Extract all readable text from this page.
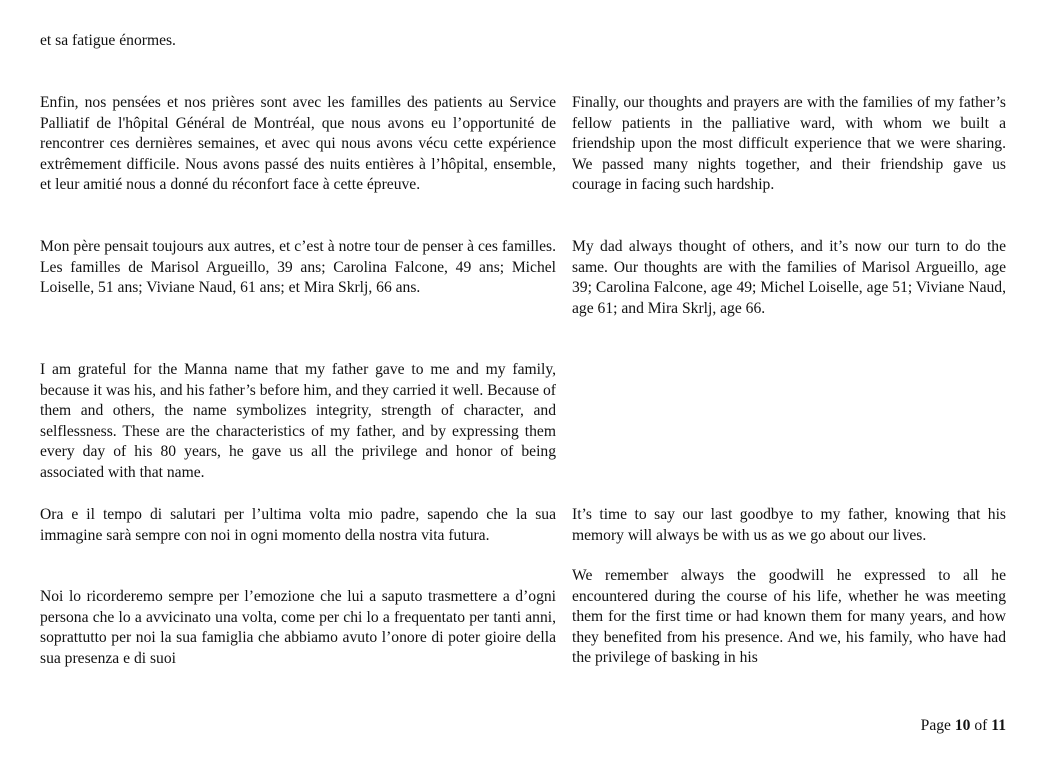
et sa fatigue énormes.

Enfin, nos pensées et nos prières sont avec les familles des patients au Service Palliatif de l'hôpital Général de Montréal, que nous avons eu l’opportunité de rencontrer ces dernières semaines, et avec qui nous avons vécu cette expérience extrêmement difficile. Nous avons passé des nuits entières à l’hôpital, ensemble, et leur amitié nous a donné du réconfort face à cette épreuve.

Finally, our thoughts and prayers are with the families of my father’s fellow patients in the palliative ward, with whom we built a friendship upon the most difficult experience that we were sharing. We passed many nights together, and their friendship gave us courage in facing such hardship.

Mon père pensait toujours aux autres, et c’est à notre tour de penser à ces familles. Les familles de Marisol Argueillo, 39 ans; Carolina Falcone, 49 ans; Michel Loiselle, 51 ans; Viviane Naud, 61 ans; et Mira Skrlj, 66 ans.

My dad always thought of others, and it’s now our turn to do the same. Our thoughts are with the families of Marisol Argueillo, age 39; Carolina Falcone, age 49; Michel Loiselle, age 51; Viviane Naud, age 61; and Mira Skrlj, age 66.

I am grateful for the Manna name that my father gave to me and my family, because it was his, and his father’s before him, and they carried it well. Because of them and others, the name symbolizes integrity, strength of character, and selflessness. These are the characteristics of my father, and by expressing them every day of his 80 years, he gave us all the privilege and honor of being associated with that name.

Ora e il tempo di salutari per l’ultima volta mio padre, sapendo che la sua immagine sarà sempre con noi in ogni momento della nostra vita futura.

It’s time to say our last goodbye to my father, knowing that his memory will always be with us as we go about our lives.

Noi lo ricorderemo sempre per l’emozione che lui a saputo trasmettere a d’ogni persona che lo a avvicinato una volta, come per chi lo a frequentato per tanti anni, soprattutto per noi la sua famiglia che abbiamo avuto l’onore di poter gioire della sua presenza e di suoi

We remember always the goodwill he expressed to all he encountered during the course of his life, whether he was meeting them for the first time or had known them for many years, and how they benefited from his presence. And we, his family, who have had the privilege of basking in his

Page 10 of 11
